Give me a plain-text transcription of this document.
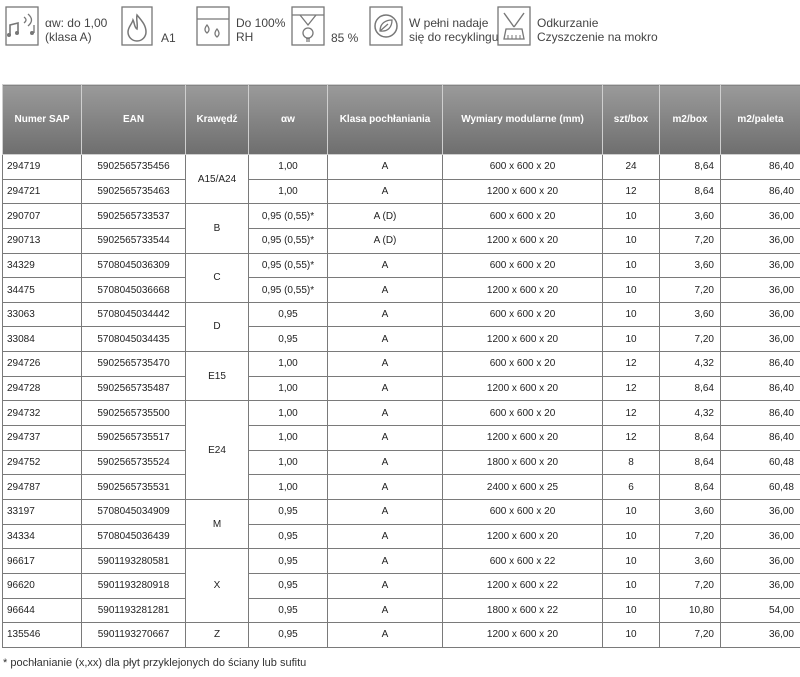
αw: do 1,00
(klasa A)	A1
Do 100%
RH	85 %
W pełni nadaje
się do recyklingu
Odkurzanie
Czyszczenie na mokro
Numer SAP	EAN	Krawędź	αw	Klasa pochłaniania	Wymiary modularne (mm)	szt/box	m2/box	m2/paleta
294719	5902565735456	A15/A24	1,00	A	600 x 600 x 20	24	8,64	86,40
294721	5902565735463		1,00	A	1200 x 600 x 20	12	8,64	86,40
290707	5902565733537	B	0,95 (0,55)*	A (D)	600 x 600 x 20	10	3,60	36,00
290713	5902565733544		0,95 (0,55)*	A (D)	1200 x 600 x 20	10	7,20	36,00
34329	5708045036309	C	0,95 (0,55)*	A	600 x 600 x 20	10	3,60	36,00
34475	5708045036668		0,95 (0,55)*	A	1200 x 600 x 20	10	7,20	36,00
33063	5708045034442	D	0,95	A	600 x 600 x 20	10	3,60	36,00
33084	5708045034435		0,95	A	1200 x 600 x 20	10	7,20	36,00
294726	5902565735470	E15	1,00	A	600 x 600 x 20	12	4,32	86,40
294728	5902565735487		1,00	A	1200 x 600 x 20	12	8,64	86,40
294732	5902565735500	E24	1,00	A	600 x 600 x 20	12	4,32	86,40
294737	5902565735517		1,00	A	1200 x 600 x 20	12	8,64	86,40
294752	5902565735524		1,00	A	1800 x 600 x 20	8	8,64	60,48
294787	5902565735531		1,00	A	2400 x 600 x 25	6	8,64	60,48
33197	5708045034909	M	0,95	A	600 x 600 x 20	10	3,60	36,00
34334	5708045036439		0,95	A	1200 x 600 x 20	10	7,20	36,00
96617	5901193280581	X	0,95	A	600 x 600 x 22	10	3,60	36,00
96620	5901193280918		0,95	A	1200 x 600 x 22	10	7,20	36,00
96644	5901193281281		0,95	A	1800 x 600 x 22	10	10,80	54,00
135546	5901193270667	Z	0,95	A	1200 x 600 x 20	10	7,20	36,00
* pochłanianie (x,xx) dla płyt przyklejonych do ściany lub sufitu
